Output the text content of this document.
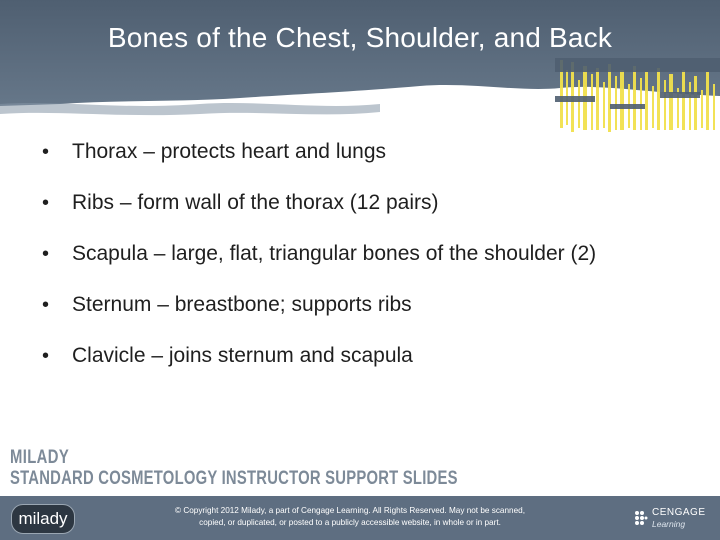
Bones of the Chest, Shoulder, and Back
• Thorax – protects heart and lungs
• Ribs – form wall of the thorax (12 pairs)
• Scapula – large, flat, triangular bones of the shoulder (2)
• Sternum – breastbone; supports ribs
• Clavicle – joins sternum and scapula
MILADY
STANDARD COSMETOLOGY INSTRUCTOR SUPPORT SLIDES
milady	© Copyright 2012 Milady, a part of Cengage Learning. All Rights Reserved. May not be scanned,
copied, or duplicated, or posted to a publicly accessible website, in whole or in part.
CENGAGE
Learning
